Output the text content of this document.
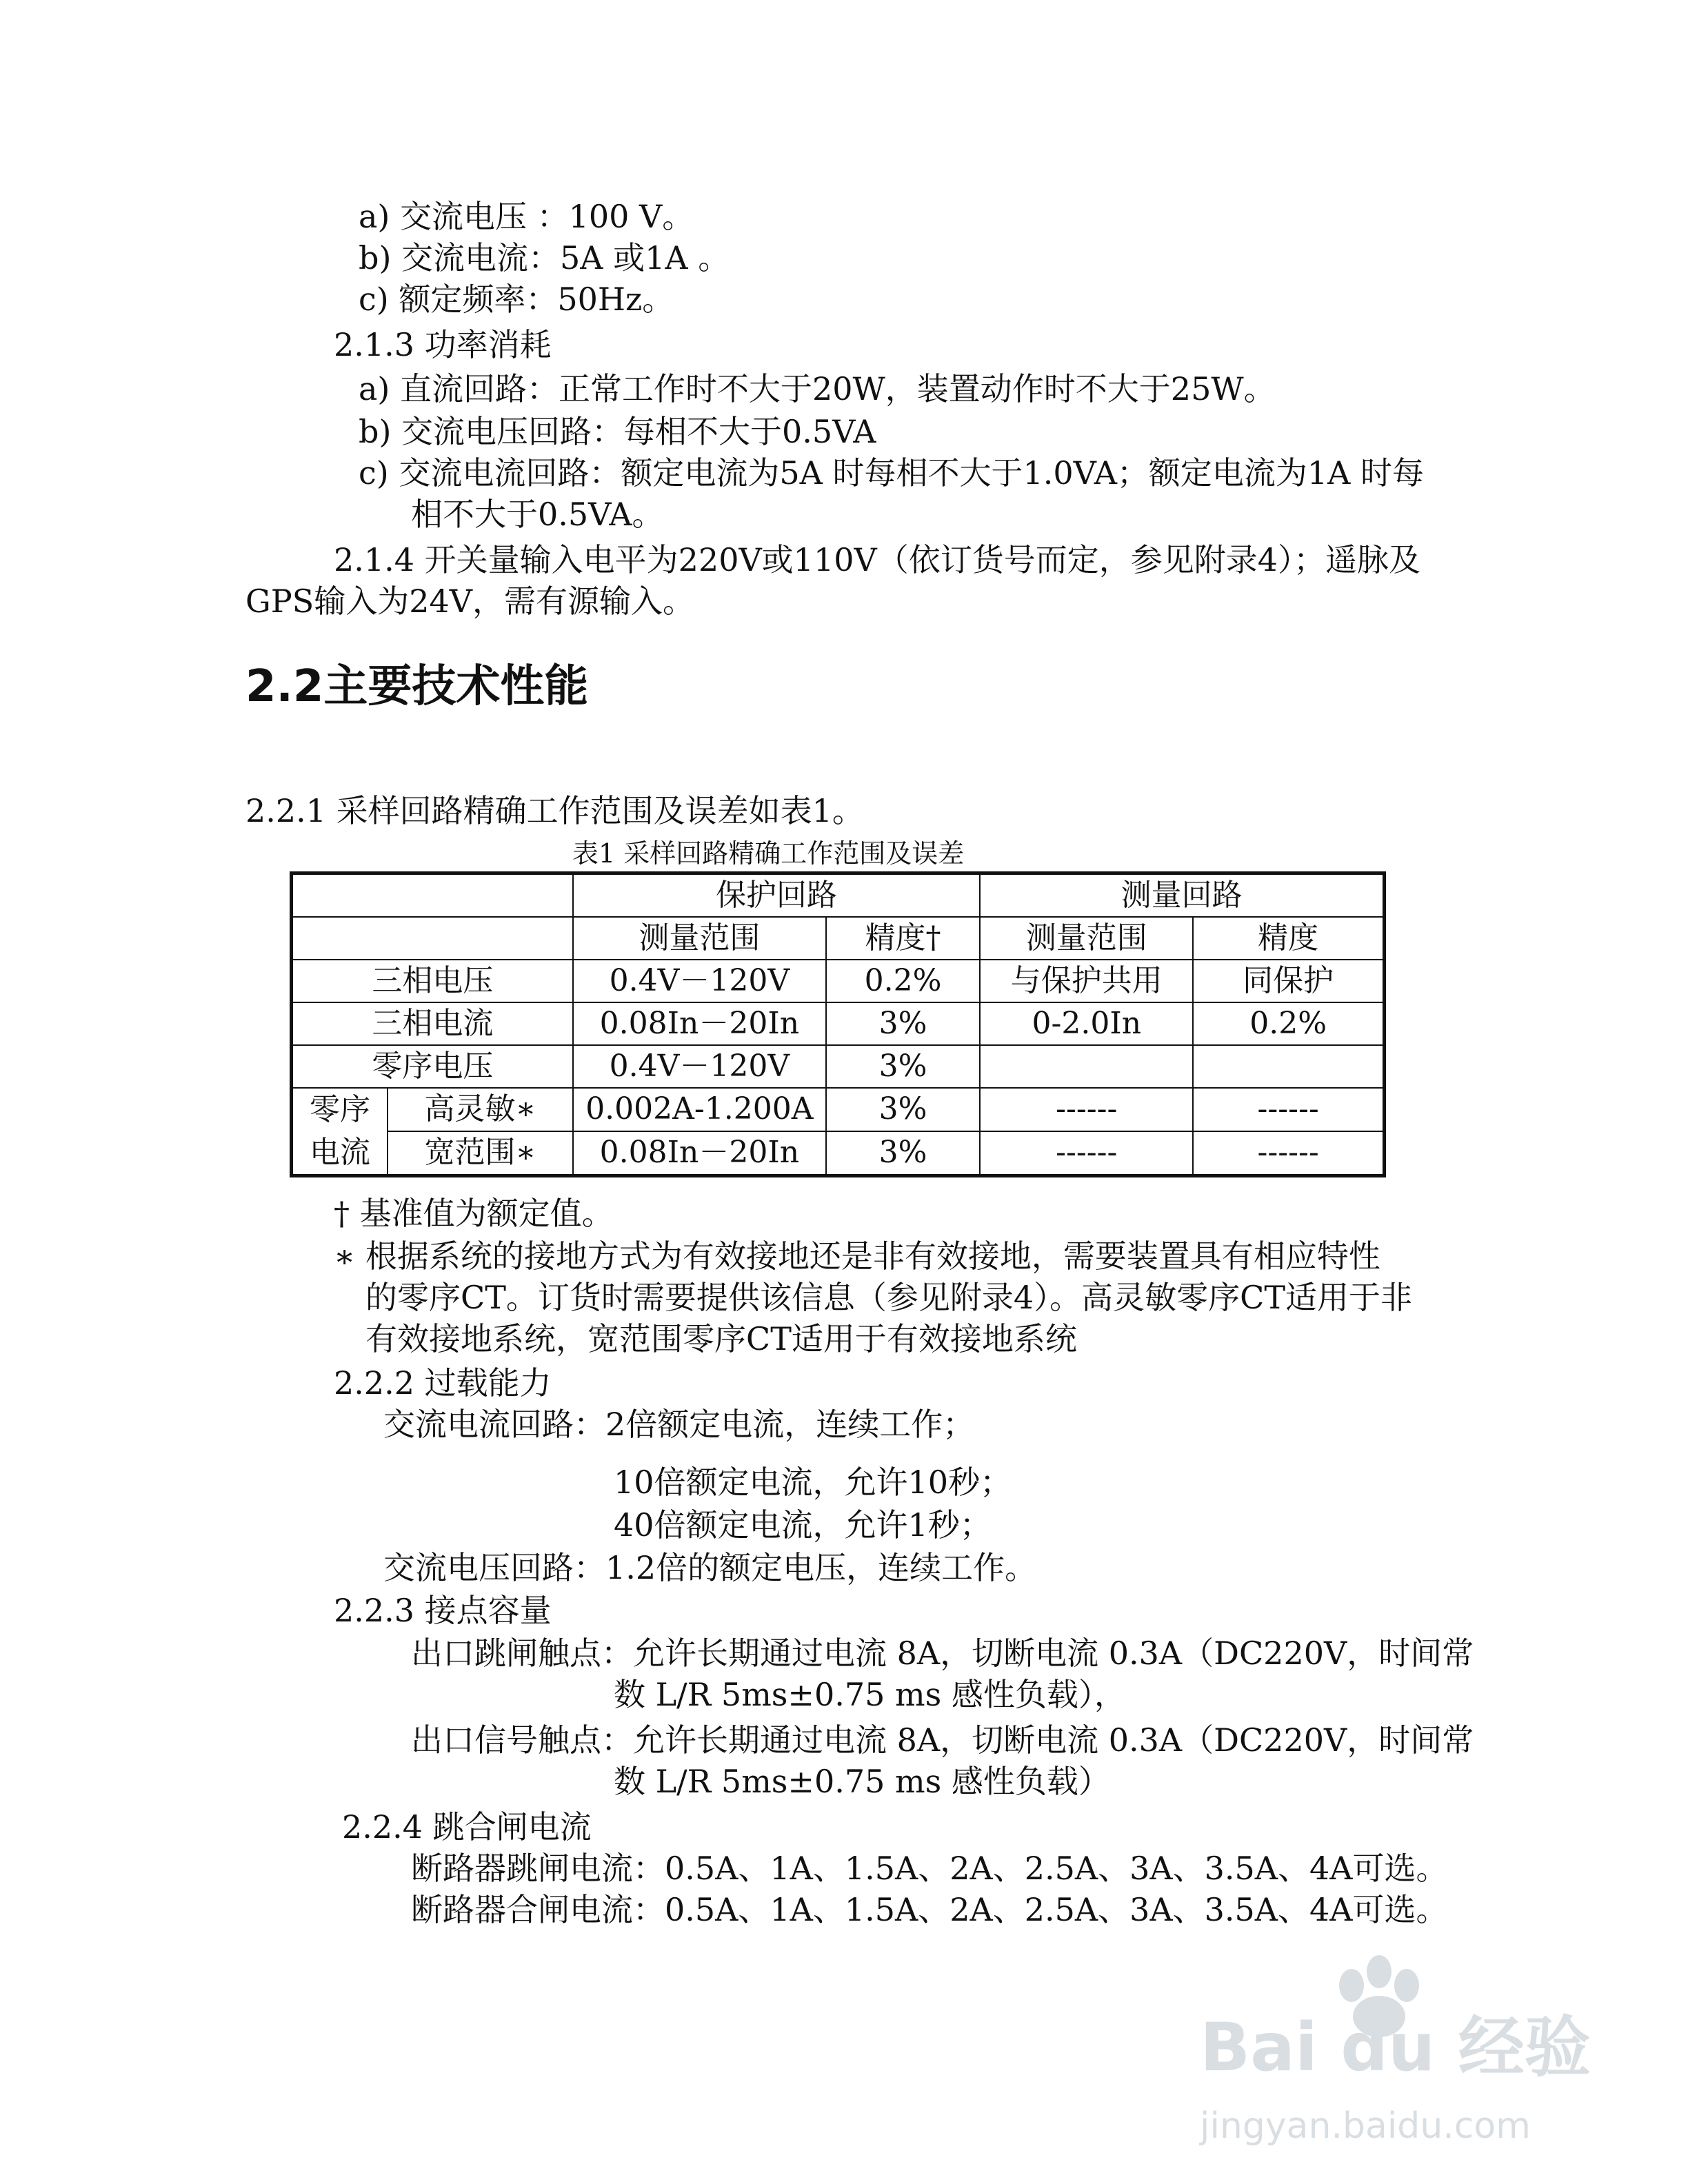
a) 交流电压 ：100 V。
b) 交流电流：5A 或1A 。
c) 额定频率：50Hz。
2.1.3 功率消耗
a) 直流回路：正常工作时不大于20W，装置动作时不大于25W。
b) 交流电压回路：每相不大于0.5VA
c) 交流电流回路：额定电流为5A 时每相不大于1.0VA；额定电流为1A 时每
相不大于0.5VA。
2.1.4 开关量输入电平为220V或110V（依订货号而定，参见附录4）；遥脉及
GPS输入为24V，需有源输入。
2.2主要技术性能
2.2.1 采样回路精确工作范围及误差如表1。
表1 采样回路精确工作范围及误差
		保护回路		测量回路	
		测量范围	精度†	测量范围	精度
三相电压		0.4V－120V	0.2%	与保护共用	同保护
三相电流		0.08In－20In	3%	0-2.0In	0.2%
零序电压		0.4V－120V	3%		
零序
电流	高灵敏∗	0.002A-1.200A	3%	------	------
	宽范围∗	0.08In－20In	3%	------	------
† 基准值为额定值。
∗ 根据系统的接地方式为有效接地还是非有效接地，需要装置具有相应特性
的零序CT。订货时需要提供该信息（参见附录4）。高灵敏零序CT适用于非
有效接地系统，宽范围零序CT适用于有效接地系统
2.2.2 过载能力
交流电流回路：2倍额定电流，连续工作；
10倍额定电流，允许10秒；
40倍额定电流，允许1秒；
交流电压回路：1.2倍的额定电压，连续工作。
2.2.3 接点容量
出口跳闸触点：允许长期通过电流 8A，切断电流 0.3A（DC220V，时间常
数 L/R 5ms±0.75 ms 感性负载），
出口信号触点：允许长期通过电流 8A，切断电流 0.3A（DC220V，时间常
数 L/R 5ms±0.75 ms 感性负载）
2.2.4 跳合闸电流
断路器跳闸电流：0.5A、1A、1.5A、2A、2.5A、3A、3.5A、4A可选。
断路器合闸电流：0.5A、1A、1.5A、2A、2.5A、3A、3.5A、4A可选。
Bai du 经验
jingyan.baidu.com
